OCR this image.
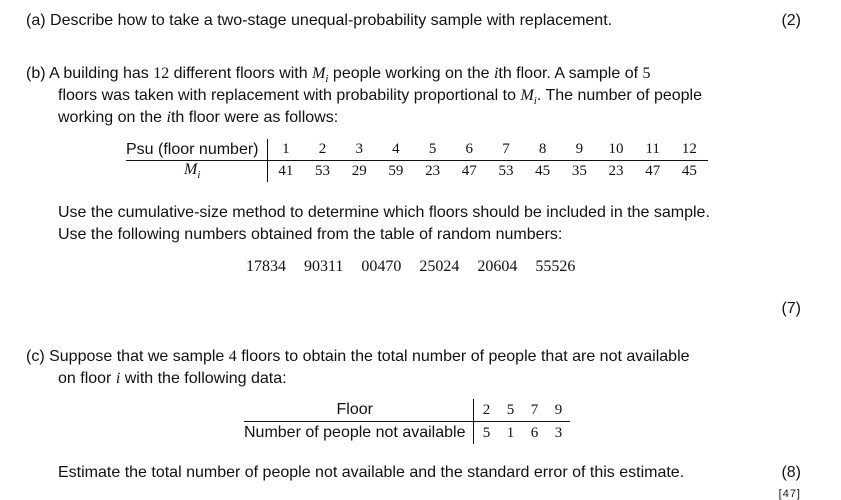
(a) Describe how to take a two-stage unequal-probability sample with replacement.	(2)
(b) A building has 12 different floors with $M_i$ people working on the ith floor. A sample of 5
floors was taken with replacement with probability proportional to $M_i$. The number of people
working on the ith floor were as follows:
Psu (floor number)	1	2	3	4	5	6	7	8	9	10	11	12
$M_i$	41	53	29	59	23	47	53	45	35	23	47	45
Use the cumulative-size method to determine which floors should be included in the sample.
Use the following numbers obtained from the table of random numbers:
17834 90311 00470 25024 20604 55526
(7)
(c) Suppose that we sample 4 floors to obtain the total number of people that are not available
on floor i with the following data:
Floor	2	5	7	9
Number of people not available	5	1	6	3
Estimate the total number of people not available and the standard error of this estimate.	(8)
[47]
